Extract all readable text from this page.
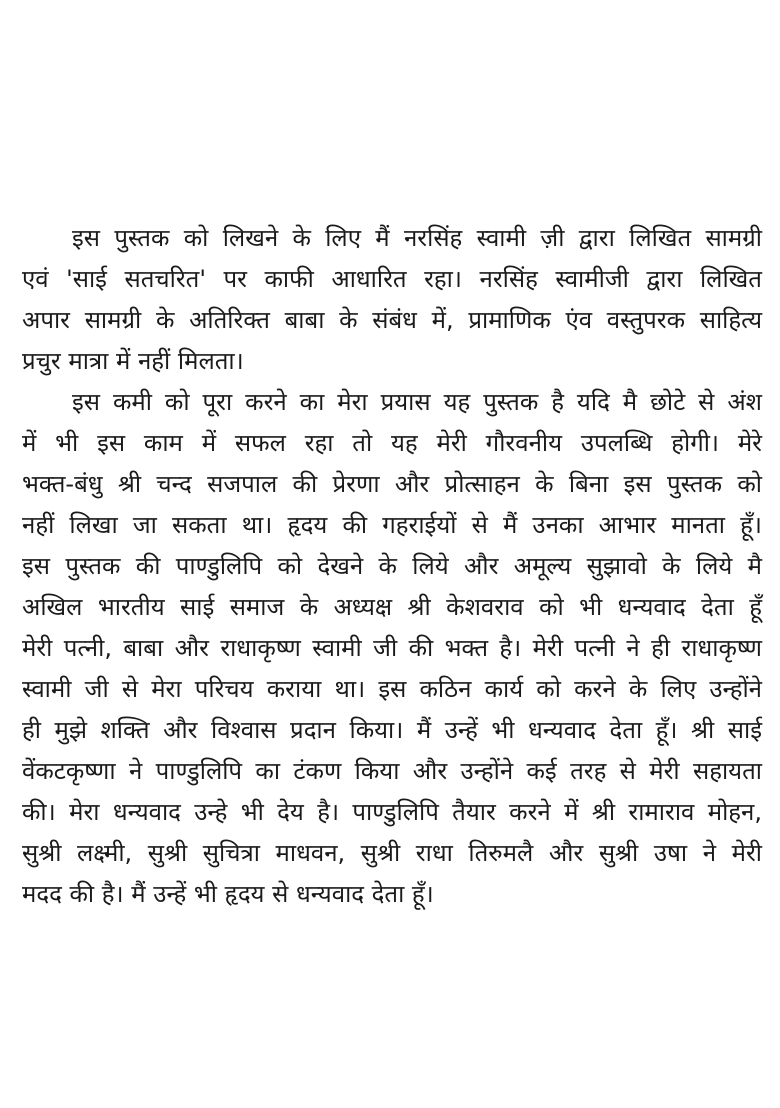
इस पुस्तक को लिखने के लिए मैं नरसिंह स्वामी ज़ी द्वारा लिखित सामग्री
एवं 'साई सतचरित' पर काफी आधारित रहा। नरसिंह स्वामीजी द्वारा लिखित
अपार सामग्री के अतिरिक्त बाबा के संबंध में, प्रामाणिक एंव वस्तुपरक साहित्य
प्रचुर मात्रा में नहीं मिलता।
इस कमी को पूरा करने का मेरा प्रयास यह पुस्तक है यदि मै छोटे से अंश
में भी इस काम में सफल रहा तो यह मेरी गौरवनीय उपलब्धि होगी। मेरे
भक्त-बंधु श्री चन्द सजपाल की प्रेरणा और प्रोत्साहन के बिना इस पुस्तक को
नहीं लिखा जा सकता था। हृदय की गहराईयों से मैं उनका आभार मानता हूँ।
इस पुस्तक की पाण्डुलिपि को देखने के लिये और अमूल्य सुझावो के लिये मै
अखिल भारतीय साई समाज के अध्यक्ष श्री केशवराव को भी धन्यवाद देता हूँ
मेरी पत्नी, बाबा और राधाकृष्ण स्वामी जी की भक्त है। मेरी पत्नी ने ही राधाकृष्ण
स्वामी जी से मेरा परिचय कराया था। इस कठिन कार्य को करने के लिए उन्होंने
ही मुझे शक्ति और विश्वास प्रदान किया। मैं उन्हें भी धन्यवाद देता हूँ। श्री साई
वेंकटकृष्णा ने पाण्डुलिपि का टंकण किया और उन्होंने कई तरह से मेरी सहायता
की। मेरा धन्यवाद उन्हे भी देय है। पाण्डुलिपि तैयार करने में श्री रामाराव मोहन,
सुश्री लक्ष्मी, सुश्री सुचित्रा माधवन, सुश्री राधा तिरुमलै और सुश्री उषा ने मेरी
मदद की है। मैं उन्हें भी हृदय से धन्यवाद देता हूँ।
